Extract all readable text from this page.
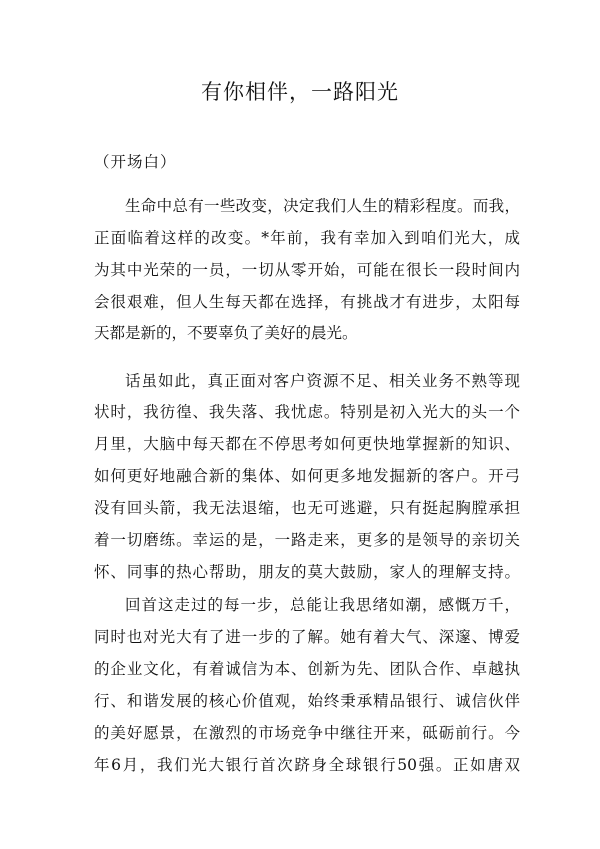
有你相伴，一路阳光
（开场白）
生命中总有一些改变，决定我们人生的精彩程度。而我，
正面临着这样的改变。*年前，我有幸加入到咱们光大，成
为其中光荣的一员，一切从零开始，可能在很长一段时间内
会很艰难，但人生每天都在选择，有挑战才有进步，太阳每
天都是新的，不要辜负了美好的晨光。
话虽如此，真正面对客户资源不足、相关业务不熟等现
状时，我彷徨、我失落、我忧虑。特别是初入光大的头一个
月里，大脑中每天都在不停思考如何更快地掌握新的知识、
如何更好地融合新的集体、如何更多地发掘新的客户。开弓
没有回头箭，我无法退缩，也无可逃避，只有挺起胸膛承担
着一切磨练。幸运的是，一路走来，更多的是领导的亲切关
怀、同事的热心帮助，朋友的莫大鼓励，家人的理解支持。
回首这走过的每一步，总能让我思绪如潮，感慨万千，
同时也对光大有了进一步的了解。她有着大气、深邃、博爱
的企业文化，有着诚信为本、创新为先、团队合作、卓越执
行、和谐发展的核心价值观，始终秉承精品银行、诚信伙伴
的美好愿景，在激烈的市场竞争中继往开来，砥砺前行。今
年6月，我们光大银行首次跻身全球银行50强。正如唐双
